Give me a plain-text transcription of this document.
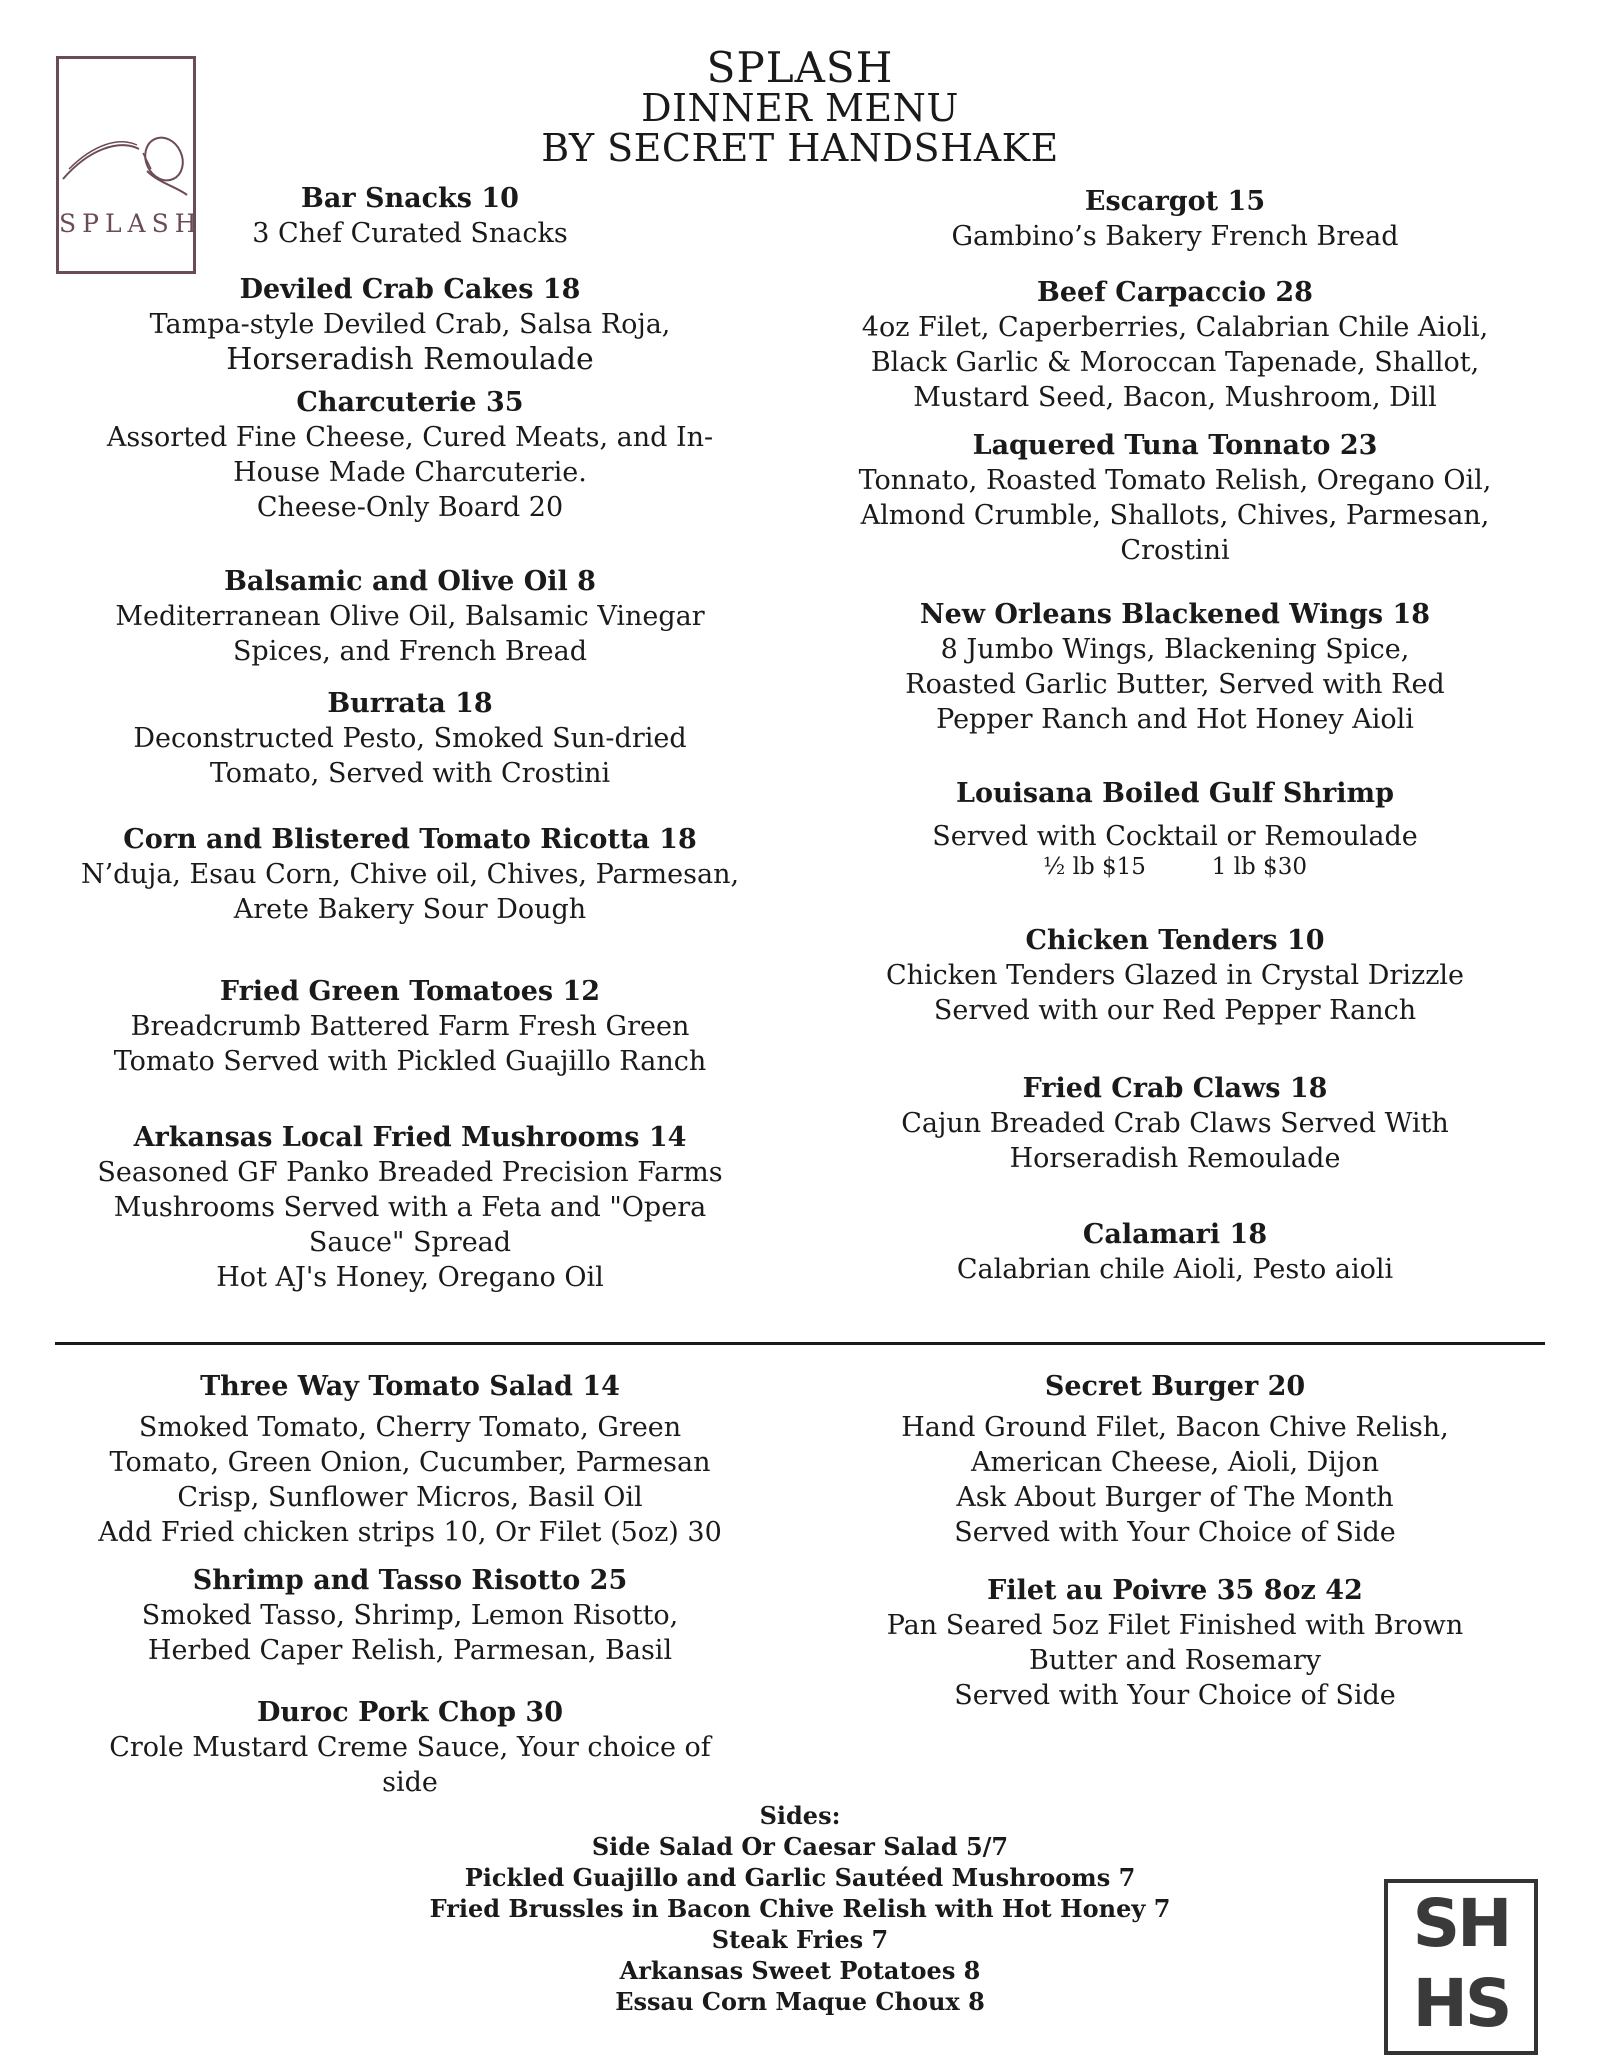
SPLASH
SPLASH
DINNER MENU
BY SECRET HANDSHAKE
Bar Snacks 10
3 Chef Curated Snacks
Deviled Crab Cakes 18
Tampa-style Deviled Crab, Salsa Roja,
Horseradish Remoulade
Charcuterie 35
Assorted Fine Cheese, Cured Meats, and In-
House Made Charcuterie.
Cheese-Only Board 20
Balsamic and Olive Oil 8
Mediterranean Olive Oil, Balsamic Vinegar
Spices, and French Bread
Burrata 18
Deconstructed Pesto, Smoked Sun-dried
Tomato, Served with Crostini
Corn and Blistered Tomato Ricotta 18
N’duja, Esau Corn, Chive oil, Chives, Parmesan,
Arete Bakery Sour Dough
Fried Green Tomatoes 12
Breadcrumb Battered Farm Fresh Green
Tomato Served with Pickled Guajillo Ranch
Arkansas Local Fried Mushrooms 14
Seasoned GF Panko Breaded Precision Farms
Mushrooms Served with a Feta and "Opera
Sauce" Spread
Hot AJ's Honey, Oregano Oil
Escargot 15
Gambino’s Bakery French Bread
Beef Carpaccio 28
4oz Filet, Caperberries, Calabrian Chile Aioli,
Black Garlic & Moroccan Tapenade, Shallot,
Mustard Seed, Bacon, Mushroom, Dill
Laquered Tuna Tonnato 23
Tonnato, Roasted Tomato Relish, Oregano Oil,
Almond Crumble, Shallots, Chives, Parmesan,
Crostini
New Orleans Blackened Wings 18
8 Jumbo Wings, Blackening Spice,
Roasted Garlic Butter, Served with Red
Pepper Ranch and Hot Honey Aioli
Louisana Boiled Gulf Shrimp
Served with Cocktail or Remoulade
½ lb $15         1 lb $30
Chicken Tenders 10
Chicken Tenders Glazed in Crystal Drizzle
Served with our Red Pepper Ranch
Fried Crab Claws 18
Cajun Breaded Crab Claws Served With
Horseradish Remoulade
Calamari 18
Calabrian chile Aioli, Pesto aioli
Three Way Tomato Salad 14
Smoked Tomato, Cherry Tomato, Green
Tomato, Green Onion, Cucumber, Parmesan
Crisp, Sunflower Micros, Basil Oil
Add Fried chicken strips 10, Or Filet (5oz) 30
Shrimp and Tasso Risotto 25
Smoked Tasso, Shrimp, Lemon Risotto,
Herbed Caper Relish, Parmesan, Basil
Duroc Pork Chop 30
Crole Mustard Creme Sauce, Your choice of
side
Secret Burger 20
Hand Ground Filet, Bacon Chive Relish,
American Cheese, Aioli, Dijon
Ask About Burger of The Month
Served with Your Choice of Side
Filet au Poivre 35 8oz 42
Pan Seared 5oz Filet Finished with Brown
Butter and Rosemary
Served with Your Choice of Side
Sides:
Side Salad Or Caesar Salad 5/7
Pickled Guajillo and Garlic Sautéed Mushrooms 7
Fried Brussles in Bacon Chive Relish with Hot Honey 7
Steak Fries 7
Arkansas Sweet Potatoes 8
Essau Corn Maque Choux 8
SH
HS
